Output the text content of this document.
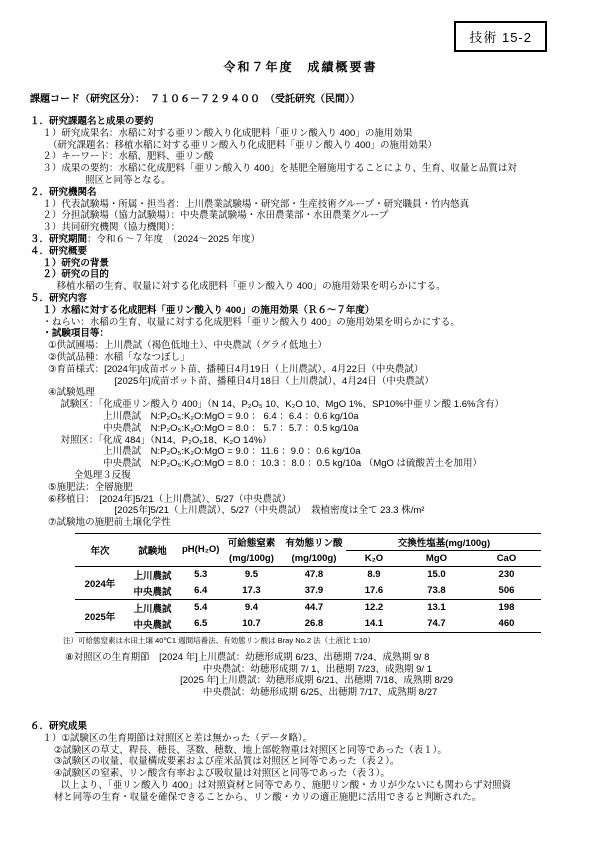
技術 15-2
令和７年度　成績概要書
課題コード（研究区分）：　７１０６－７２９４００　（受託研究（民間））
１．研究課題名と成果の要約
１）研究成果名：水稲に対する亜リン酸入り化成肥料「亜リン酸入り 400」の施用効果
（研究課題名：移植水稲に対する亜リン酸入り化成肥料「亜リン酸入り 400」の施用効果）
２）キーワード：水稲、肥料、亜リン酸
３）成果の要約：水稲に化成肥料「亜リン酸入り 400」を基肥全層施用することにより、生育、収量と品質は対
照区と同等となる。
２．研究機関名
１）代表試験場・所属・担当者：上川農業試験場・研究部・生産技術グループ・研究職員・竹内悠真
２）分担試験場（協力試験場）：中央農業試験場・水田農業部・水田農業グループ
３）共同研究機関（協力機関）：
３．研究期間：令和６～７年度　（2024～2025 年度）
４．研究概要
１）研究の背景
２）研究の目的
移植水稲の生育、収量に対する化成肥料「亜リン酸入り 400」の施用効果を明らかにする。
５．研究内容
１）水稲に対する化成肥料「亜リン酸入り 400」の施用効果（Ｒ６～７年度）
・ねらい：水稲の生育、収量に対する化成肥料「亜リン酸入り 400」の施用効果を明らかにする。
・試験項目等：
①供試圃場：上川農試（褐色低地土）、中央農試（グライ低地土）
②供試品種：水稲「ななつぼし」
③育苗様式：[2024年]成苗ポット苗、播種日4月19日（上川農試）、4月22日（中央農試）
[2025年]成苗ポット苗、播種日4月18日（上川農試）、4月24日（中央農試）
④試験処理
試験区：「化成亜リン酸入り 400」（N 14、P₂O₅ 10、K₂O 10、MgO 1%、SP10%中亜リン酸 1.6%含有）
上川農試　N:P₂O₅:K₂O:MgO = 9.0 ： 6.4 ：6.4 ：0.6 kg/10a
中央農試　N:P₂O₅:K₂O:MgO = 8.0 ： 5.7 ：5.7 ：0.5 kg/10a
対照区：「化成 484」（N14、P₂O₅18、K₂O 14%）
上川農試　N:P₂O₅:K₂O:MgO = 9.0 ：11.6 ：9.0 ：0.6 kg/10a
中央農試　N:P₂O₅:K₂O:MgO = 8.0 ：10.3 ：8.0 ：0.5 kg/10a （MgO は硫酸苦土を加用）
全処理３反復
⑤施肥法：全層施肥
⑥移植日：　[2024年]5/21（上川農試）、5/27（中央農試）
[2025年]5/21（上川農試）、5/27（中央農試）　栽植密度は全て 23.3 株/m²
⑦試験地の施肥前土壌化学性
年次	試験地	pH(H₂O)	可給態窒素	有効態リン酸	交換性塩基(mg/100g)		
			(mg/100g)	(mg/100g)	K₂O	MgO	CaO
2024年	上川農試	5.3	9.5	47.8	8.9	15.0	230
	中央農試	6.4	17.3	37.9	17.6	73.8	506
2025年	上川農試	5.4	9.4	44.7	12.2	13.1	198
	中央農試	6.5	10.7	26.8	14.1	74.7	460
注）可給態窒素は水田土壌 40℃1 週間培養法、有効態リン酸は Bray No.2 法（土液比 1:10）
⑧対照区の生育期節　[2024 年]上川農試：幼穂形成期 6/23、出穂期 7/24、成熟期 9/ 8
中央農試：幼穂形成期 7/ 1、出穂期 7/23、成熟期 9/ 1
[2025 年]上川農試：幼穂形成期 6/21、出穂期 7/18、成熟期 8/29
中央農試：幼穂形成期 6/25、出穂期 7/17、成熟期 8/27
６．研究成果
１）①試験区の生育期節は対照区と差は無かった（データ略）。
②試験区の草丈、稈長、穂長、茎数、穂数、地上部乾物重は対照区と同等であった（表１）。
③試験区の収量、収量構成要素および産米品質は対照区と同等であった（表２）。
④試験区の窒素、リン酸含有率および吸収量は対照区と同等であった（表３）。
以上より、「亜リン酸入り 400」は対照資材と同等であり、施肥リン酸・カリが少ないにも関わらず対照資
材と同等の生育・収量を確保できることから、リン酸・カリの適正施肥に活用できると判断された。
